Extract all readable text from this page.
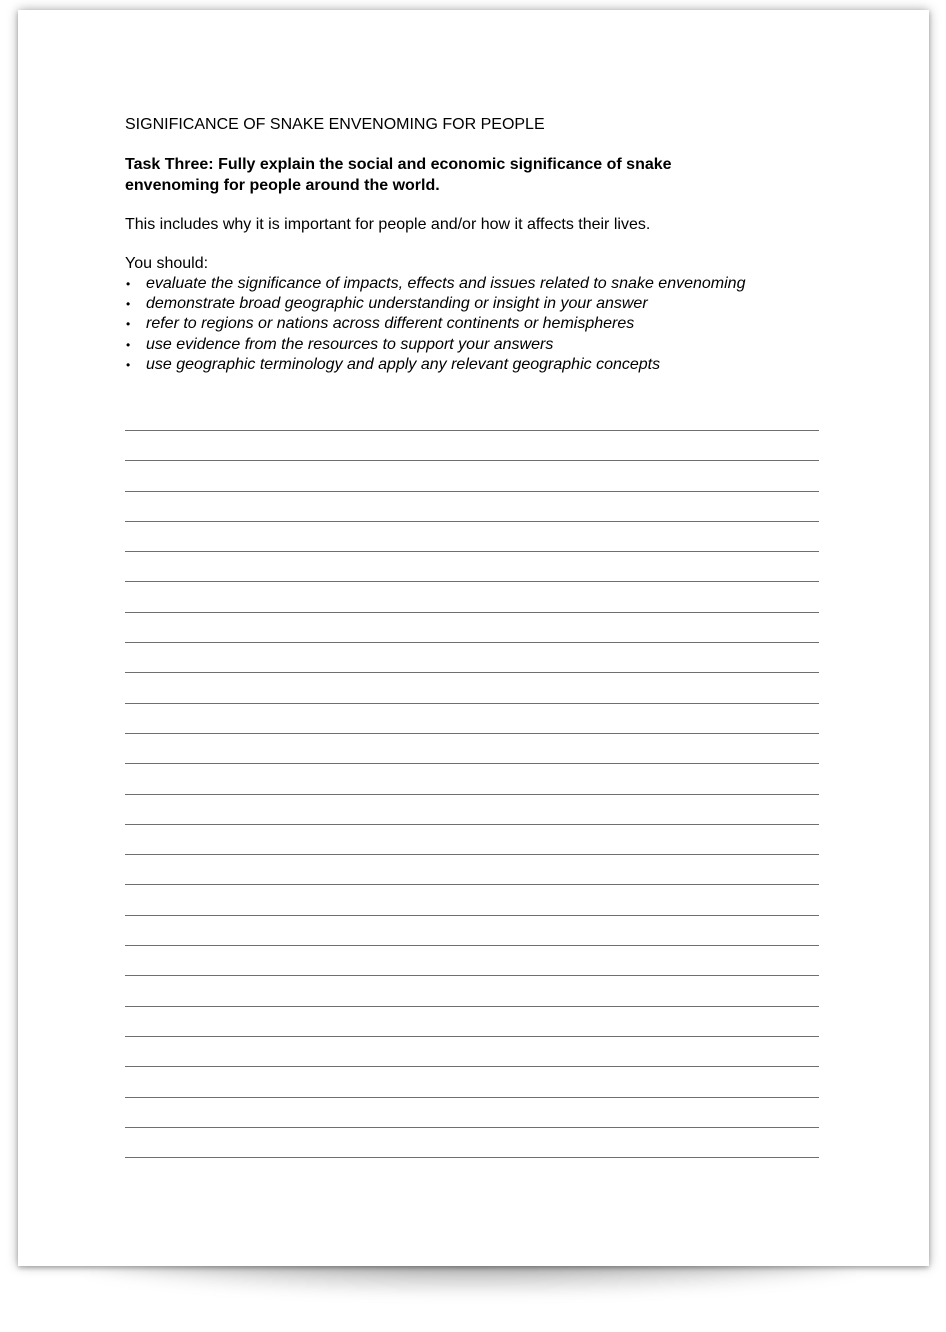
SIGNIFICANCE OF SNAKE ENVENOMING FOR PEOPLE

Task Three: Fully explain the social and economic significance of snake
envenoming for people around the world.

This includes why it is important for people and/or how it affects their lives.

You should:

• evaluate the significance of impacts, effects and issues related to snake envenoming
• demonstrate broad geographic understanding or insight in your answer
• refer to regions or nations across different continents or hemispheres
• use evidence from the resources to support your answers
• use geographic terminology and apply any relevant geographic concepts
